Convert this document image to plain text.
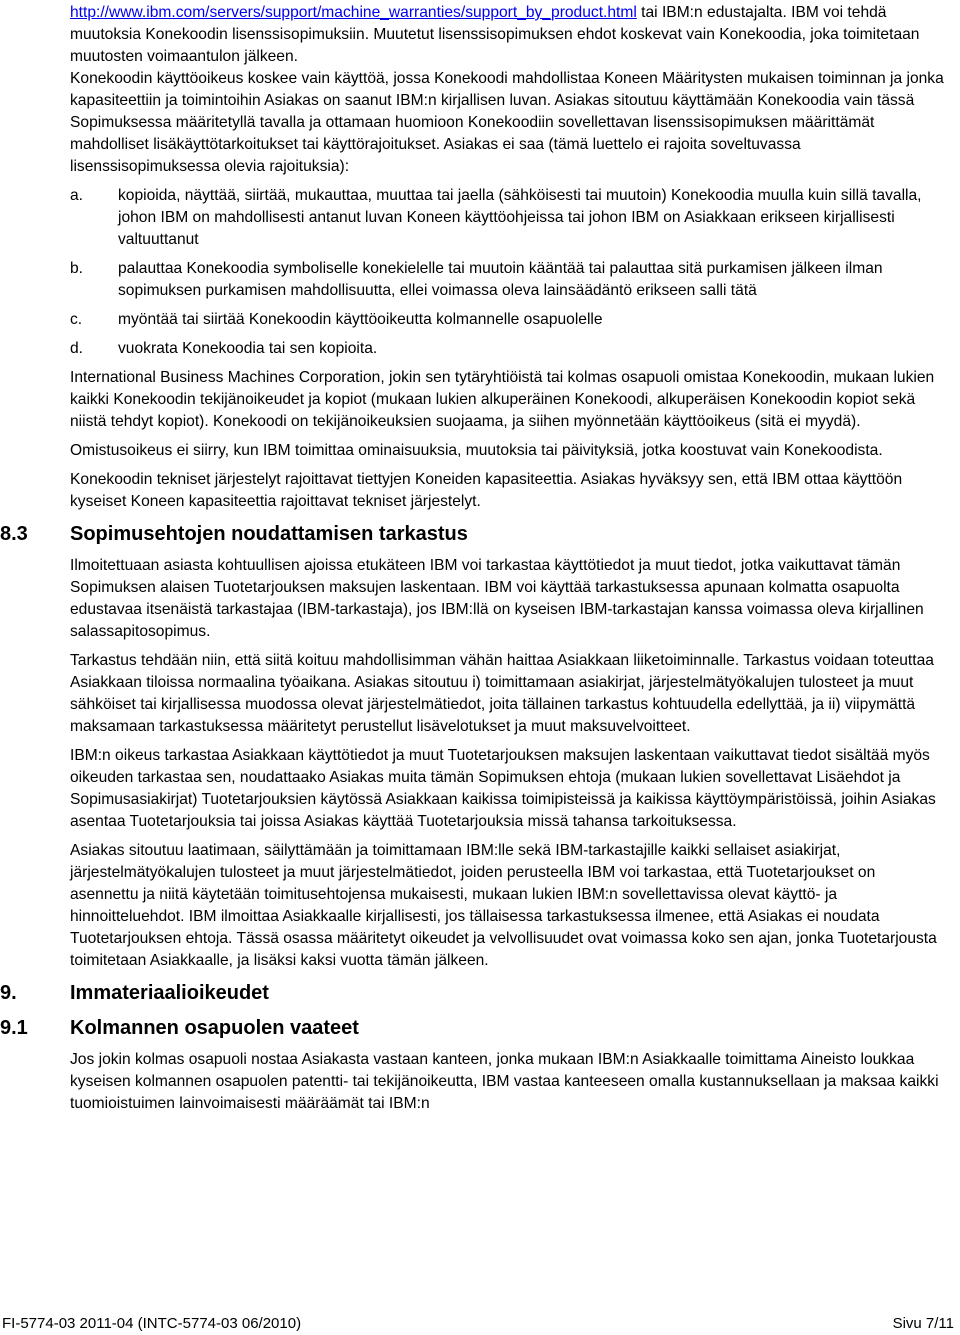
http://www.ibm.com/servers/support/machine_warranties/support_by_product.html tai IBM:n edustajalta. IBM voi tehdä muutoksia Konekoodin lisenssisopimuksiin. Muutetut lisenssisopimuksen ehdot koskevat vain Konekoodia, joka toimitetaan muutosten voimaantulon jälkeen.

Konekoodin käyttöoikeus koskee vain käyttöä, jossa Konekoodi mahdollistaa Koneen Määritysten mukaisen toiminnan ja jonka kapasiteettiin ja toimintoihin Asiakas on saanut IBM:n kirjallisen luvan. Asiakas sitoutuu käyttämään Konekoodia vain tässä Sopimuksessa määritetyllä tavalla ja ottamaan huomioon Konekoodiin sovellettavan lisenssisopimuksen määrittämät mahdolliset lisäkäyttötarkoitukset tai käyttörajoitukset. Asiakas ei saa (tämä luettelo ei rajoita soveltuvassa lisenssisopimuksessa olevia rajoituksia):

a.	kopioida, näyttää, siirtää, mukauttaa, muuttaa tai jaella (sähköisesti tai muutoin) Konekoodia muulla kuin sillä tavalla, johon IBM on mahdollisesti antanut luvan Koneen käyttöohjeissa tai johon IBM on Asiakkaan erikseen kirjallisesti valtuuttanut
b.	palauttaa Konekoodia symboliselle konekielelle tai muutoin kääntää tai palauttaa sitä purkamisen jälkeen ilman sopimuksen purkamisen mahdollisuutta, ellei voimassa oleva lainsäädäntö erikseen salli tätä
c.	myöntää tai siirtää Konekoodin käyttöoikeutta kolmannelle osapuolelle
d.	vuokrata Konekoodia tai sen kopioita.

International Business Machines Corporation, jokin sen tytäryhtiöistä tai kolmas osapuoli omistaa Konekoodin, mukaan lukien kaikki Konekoodin tekijänoikeudet ja kopiot (mukaan lukien alkuperäinen Konekoodi, alkuperäisen Konekoodin kopiot sekä niistä tehdyt kopiot). Konekoodi on tekijänoikeuksien suojaama, ja siihen myönnetään käyttöoikeus (sitä ei myydä).

Omistusoikeus ei siirry, kun IBM toimittaa ominaisuuksia, muutoksia tai päivityksiä, jotka koostuvat vain Konekoodista.

Konekoodin tekniset järjestelyt rajoittavat tiettyjen Koneiden kapasiteettia. Asiakas hyväksyy sen, että IBM ottaa käyttöön kyseiset Koneen kapasiteettia rajoittavat tekniset järjestelyt.

8.3	Sopimusehtojen noudattamisen tarkastus

Ilmoitettuaan asiasta kohtuullisen ajoissa etukäteen IBM voi tarkastaa käyttötiedot ja muut tiedot, jotka vaikuttavat tämän Sopimuksen alaisen Tuotetarjouksen maksujen laskentaan. IBM voi käyttää tarkastuksessa apunaan kolmatta osapuolta edustavaa itsenäistä tarkastajaa (IBM-tarkastaja), jos IBM:llä on kyseisen IBM-tarkastajan kanssa voimassa oleva kirjallinen salassapitosopimus.

Tarkastus tehdään niin, että siitä koituu mahdollisimman vähän haittaa Asiakkaan liiketoiminnalle. Tarkastus voidaan toteuttaa Asiakkaan tiloissa normaalina työaikana. Asiakas sitoutuu i) toimittamaan asiakirjat, järjestelmätyökalujen tulosteet ja muut sähköiset tai kirjallisessa muodossa olevat järjestelmätiedot, joita tällainen tarkastus kohtuudella edellyttää, ja ii) viipymättä maksamaan tarkastuksessa määritetyt perustellut lisävelotukset ja muut maksuvelvoitteet.

IBM:n oikeus tarkastaa Asiakkaan käyttötiedot ja muut Tuotetarjouksen maksujen laskentaan vaikuttavat tiedot sisältää myös oikeuden tarkastaa sen, noudattaako Asiakas muita tämän Sopimuksen ehtoja (mukaan lukien sovellettavat Lisäehdot ja Sopimusasiakirjat) Tuotetarjouksien käytössä Asiakkaan kaikissa toimipisteissä ja kaikissa käyttöympäristöissä, joihin Asiakas asentaa Tuotetarjouksia tai joissa Asiakas käyttää Tuotetarjouksia missä tahansa tarkoituksessa.

Asiakas sitoutuu laatimaan, säilyttämään ja toimittamaan IBM:lle sekä IBM-tarkastajille kaikki sellaiset asiakirjat, järjestelmätyökalujen tulosteet ja muut järjestelmätiedot, joiden perusteella IBM voi tarkastaa, että Tuotetarjoukset on asennettu ja niitä käytetään toimitusehtojensa mukaisesti, mukaan lukien IBM:n sovellettavissa olevat käyttö- ja hinnoitteluehdot. IBM ilmoittaa Asiakkaalle kirjallisesti, jos tällaisessa tarkastuksessa ilmenee, että Asiakas ei noudata Tuotetarjouksen ehtoja. Tässä osassa määritetyt oikeudet ja velvollisuudet ovat voimassa koko sen ajan, jonka Tuotetarjousta toimitetaan Asiakkaalle, ja lisäksi kaksi vuotta tämän jälkeen.

9.	Immateriaalioikeudet
9.1	Kolmannen osapuolen vaateet

Jos jokin kolmas osapuoli nostaa Asiakasta vastaan kanteen, jonka mukaan IBM:n Asiakkaalle toimittama Aineisto loukkaa kyseisen kolmannen osapuolen patentti- tai tekijänoikeutta, IBM vastaa kanteeseen omalla kustannuksellaan ja maksaa kaikki tuomioistuimen lainvoimaisesti määräämät tai IBM:n

FI-5774-03 2011-04 (INTC-5774-03 06/2010)	Sivu 7/11
